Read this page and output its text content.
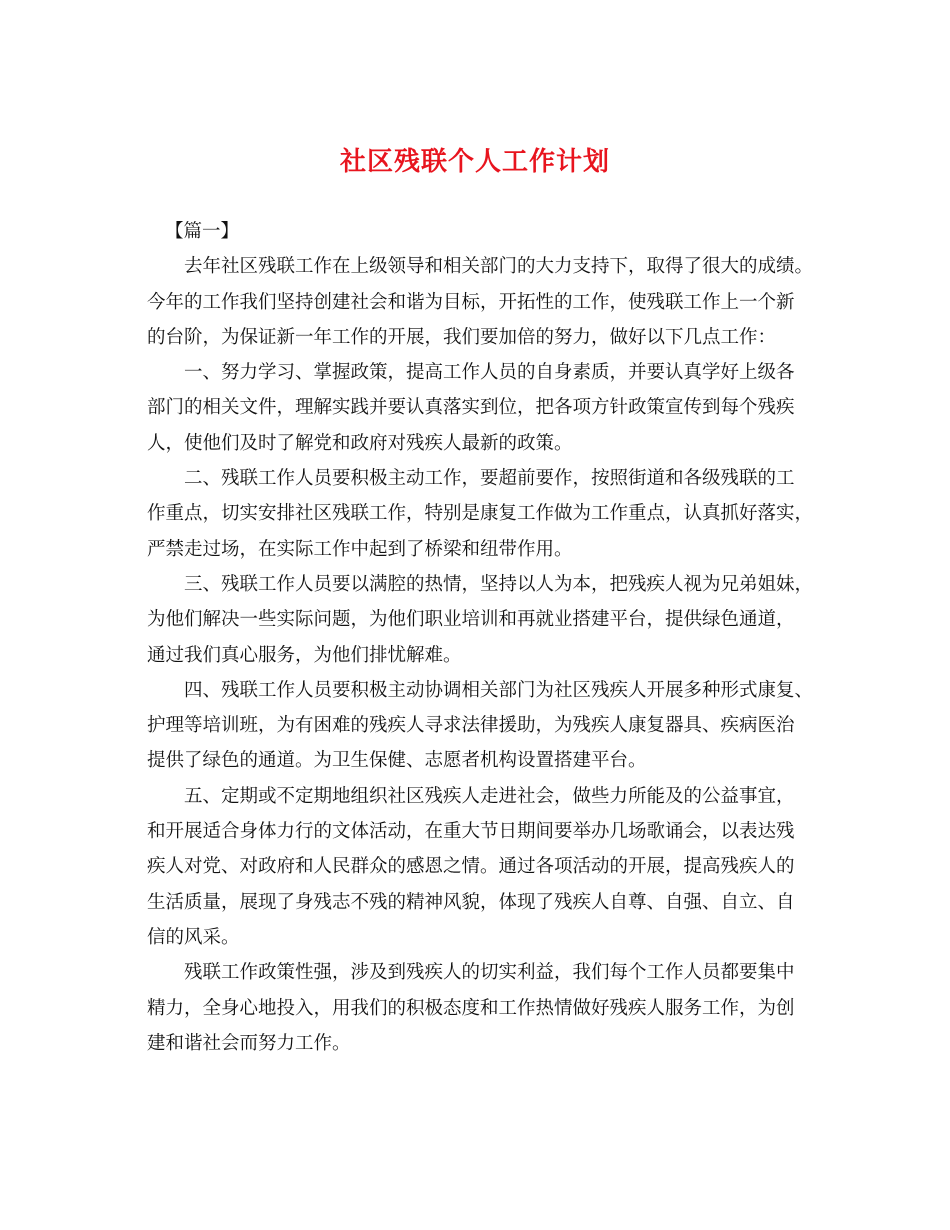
社区残联个人工作计划

【篇一】

去年社区残联工作在上级领导和相关部门的大力支持下，取得了很大的成绩。
今年的工作我们坚持创建社会和谐为目标，开拓性的工作，使残联工作上一个新
的台阶，为保证新一年工作的开展，我们要加倍的努力，做好以下几点工作：

一、努力学习、掌握政策，提高工作人员的自身素质，并要认真学好上级各
部门的相关文件，理解实践并要认真落实到位，把各项方针政策宣传到每个残疾
人，使他们及时了解党和政府对残疾人最新的政策。

二、残联工作人员要积极主动工作，要超前要作，按照街道和各级残联的工
作重点，切实安排社区残联工作，特别是康复工作做为工作重点，认真抓好落实，
严禁走过场，在实际工作中起到了桥梁和纽带作用。

三、残联工作人员要以满腔的热情，坚持以人为本，把残疾人视为兄弟姐妹，
为他们解决一些实际问题，为他们职业培训和再就业搭建平台，提供绿色通道，
通过我们真心服务，为他们排忧解难。

四、残联工作人员要积极主动协调相关部门为社区残疾人开展多种形式康复、
护理等培训班，为有困难的残疾人寻求法律援助，为残疾人康复器具、疾病医治
提供了绿色的通道。为卫生保健、志愿者机构设置搭建平台。

五、定期或不定期地组织社区残疾人走进社会，做些力所能及的公益事宜，
和开展适合身体力行的文体活动，在重大节日期间要举办几场歌诵会，以表达残
疾人对党、对政府和人民群众的感恩之情。通过各项活动的开展，提高残疾人的
生活质量，展现了身残志不残的精神风貌，体现了残疾人自尊、自强、自立、自
信的风采。

残联工作政策性强，涉及到残疾人的切实利益，我们每个工作人员都要集中
精力，全身心地投入，用我们的积极态度和工作热情做好残疾人服务工作，为创
建和谐社会而努力工作。
